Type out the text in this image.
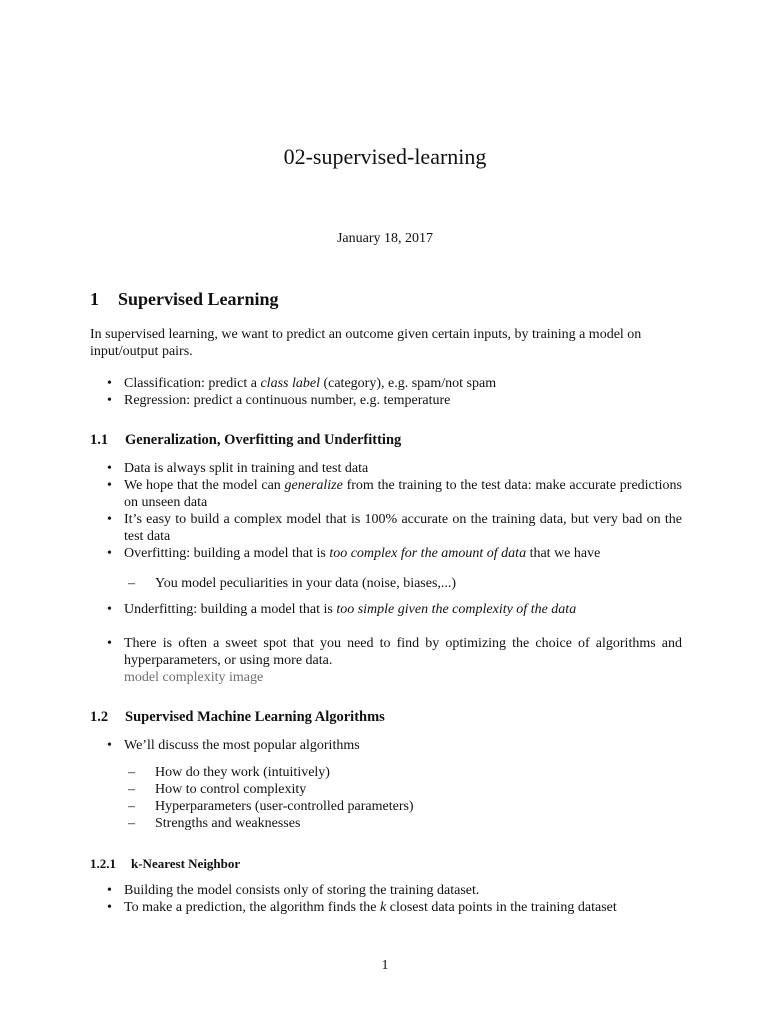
02-supervised-learning
January 18, 2017
1 Supervised Learning
In supervised learning, we want to predict an outcome given certain inputs, by training a model on input/output pairs.
• Classification: predict a class label (category), e.g. spam/not spam
• Regression: predict a continuous number, e.g. temperature
1.1 Generalization, Overfitting and Underfitting
• Data is always split in training and test data
• We hope that the model can generalize from the training to the test data: make accurate predictions on unseen data
• It’s easy to build a complex model that is 100% accurate on the training data, but very bad on the test data
• Overfitting: building a model that is too complex for the amount of data that we have
– You model peculiarities in your data (noise, biases,...)
• Underfitting: building a model that is too simple given the complexity of the data
• There is often a sweet spot that you need to find by optimizing the choice of algorithms and hyperparameters, or using more data.
model complexity image
1.2 Supervised Machine Learning Algorithms
• We’ll discuss the most popular algorithms
– How do they work (intuitively)
– How to control complexity
– Hyperparameters (user-controlled parameters)
– Strengths and weaknesses
1.2.1 k-Nearest Neighbor
• Building the model consists only of storing the training dataset.
• To make a prediction, the algorithm finds the k closest data points in the training dataset
1
